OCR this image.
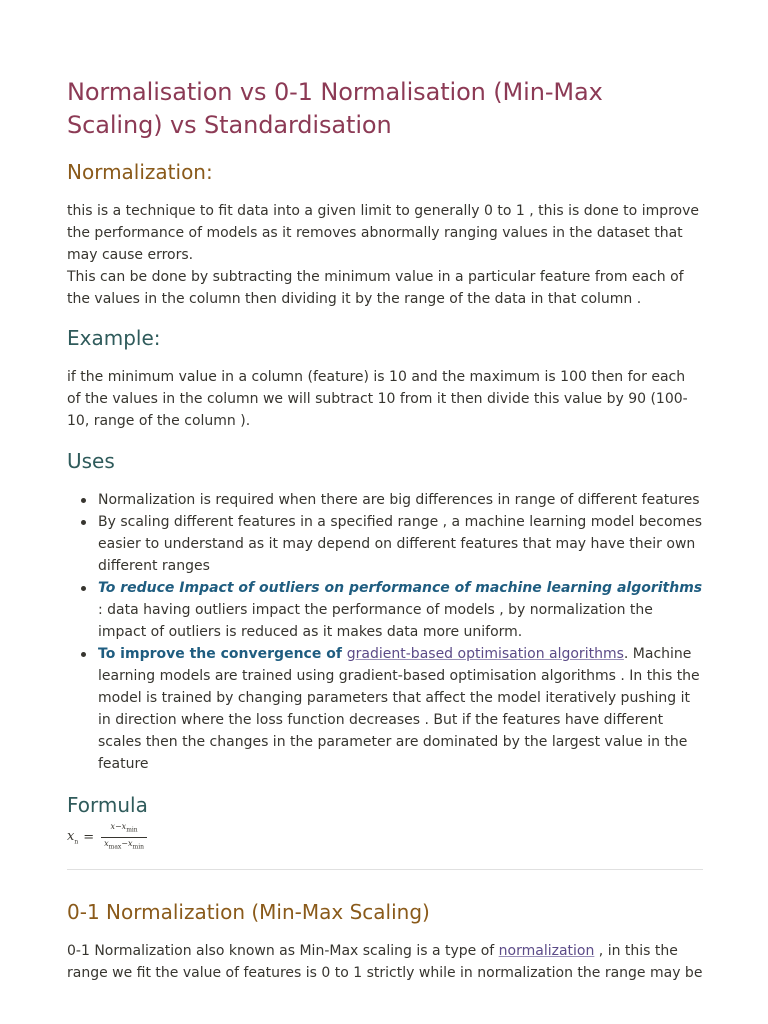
Normalisation vs 0-1 Normalisation (Min-Max Scaling) vs Standardisation
Normalization:

this is a technique to fit data into a given limit to generally 0 to 1 , this is done to improve the performance of models as it removes abnormally ranging values in the dataset that may cause errors.

This can be done by subtracting the minimum value in a particular feature from each of the values in the column then dividing it by the range of the data in that column .

Example:

if the minimum value in a column (feature) is 10 and the maximum is 100 then for each of the values in the column we will subtract 10 from it then divide this value by 90 (100-10, range of the column ).

Uses
Normalization is required when there are big differences in range of different features
By scaling different features in a specified range , a machine learning model becomes easier to understand as it may depend on different features that may have their own different ranges
To reduce Impact of outliers on performance of machine learning algorithms : data having outliers impact the performance of models , by normalization the impact of outliers is reduced as it makes data more uniform.
To improve the convergence of gradient-based optimisation algorithms. Machine learning models are trained using gradient-based optimisation algorithms . In this the model is trained by changing parameters that affect the model iteratively pushing it in direction where the loss function decreases . But if the features have different scales then the changes in the parameter are dominated by the largest value in the feature
Formula
$x_n = \frac{x-x_{min}}{x_{max}-x_{min}}$
0-1 Normalization (Min-Max Scaling)

0-1 Normalization also known as Min-Max scaling is a type of normalization , in this the range we fit the value of features is 0 to 1 strictly while in normalization the range may be
